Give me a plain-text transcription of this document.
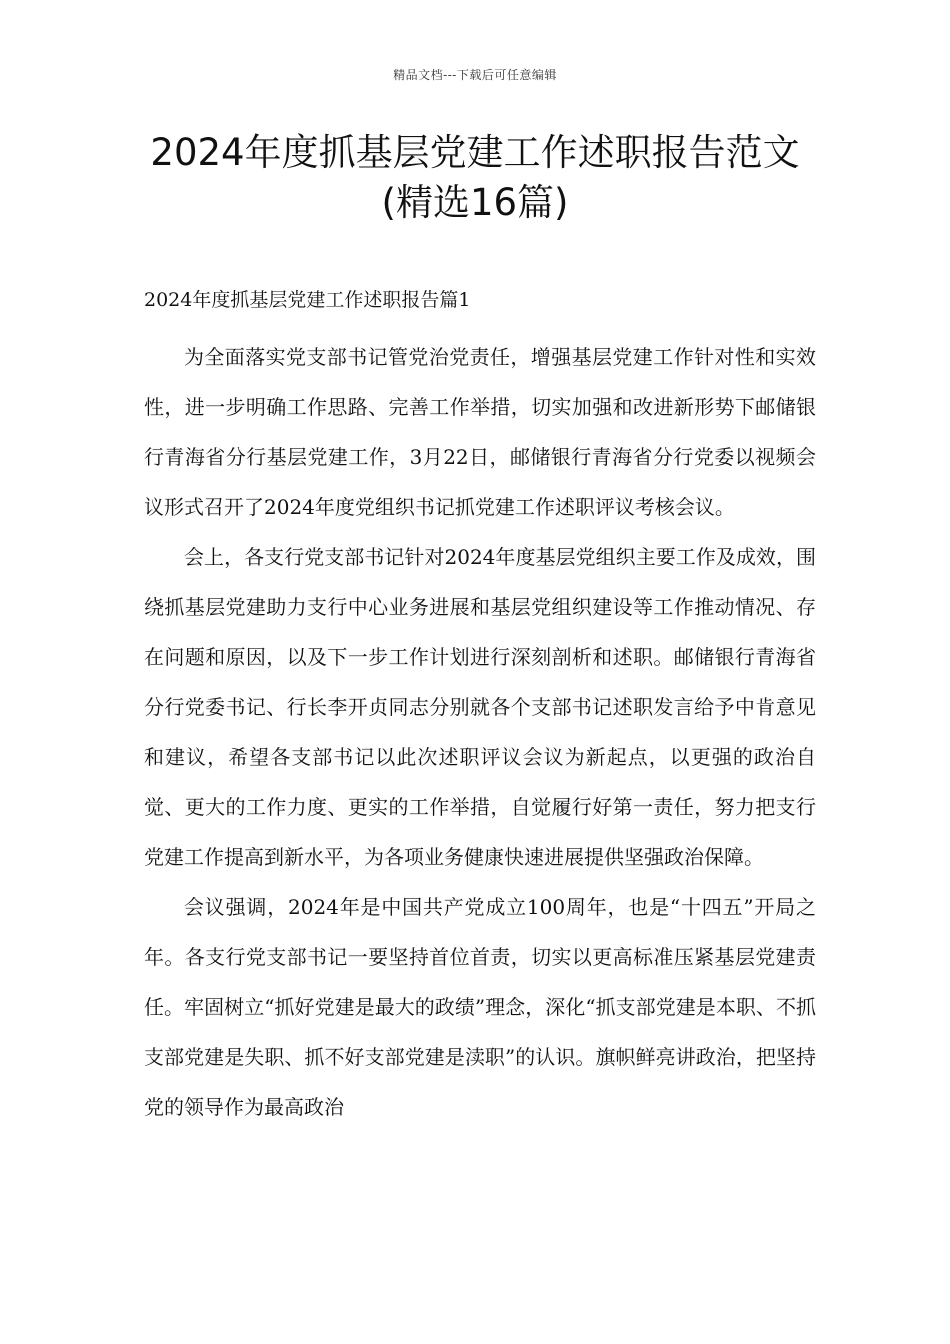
精品文档---下载后可任意编辑
2024年度抓基层党建工作述职报告范文
(精选16篇)
2024年度抓基层党建工作述职报告篇1

为全面落实党支部书记管党治党责任，增强基层党建工作针对性和实效性，进一步明确工作思路、完善工作举措，切实加强和改进新形势下邮储银行青海省分行基层党建工作，3月22日，邮储银行青海省分行党委以视频会议形式召开了2024年度党组织书记抓党建工作述职评议考核会议。

会上，各支行党支部书记针对2024年度基层党组织主要工作及成效，围绕抓基层党建助力支行中心业务进展和基层党组织建设等工作推动情况、存在问题和原因，以及下一步工作计划进行深刻剖析和述职。邮储银行青海省分行党委书记、行长李开贞同志分别就各个支部书记述职发言给予中肯意见和建议，希望各支部书记以此次述职评议会议为新起点，以更强的政治自觉、更大的工作力度、更实的工作举措，自觉履行好第一责任，努力把支行党建工作提高到新水平，为各项业务健康快速进展提供坚强政治保障。

会议强调，2024年是中国共产党成立100周年，也是“十四五”开局之年。各支行党支部书记一要坚持首位首责，切实以更高标准压紧基层党建责任。牢固树立“抓好党建是最大的政绩”理念，深化“抓支部党建是本职、不抓支部党建是失职、抓不好支部党建是渎职”的认识。旗帜鲜亮讲政治，把坚持党的领导作为最高政治
